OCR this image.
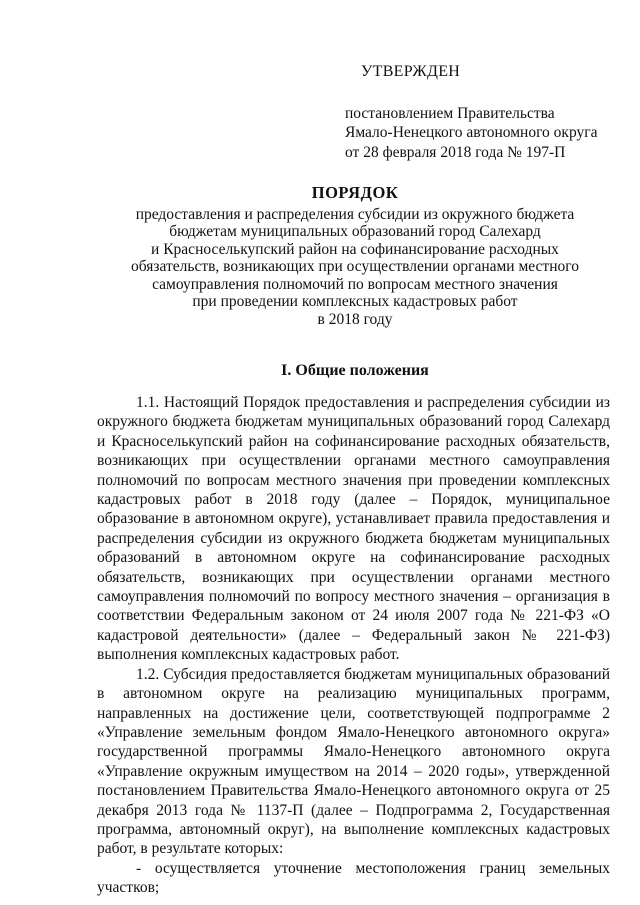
УТВЕРЖДЕН
постановлением Правительства
Ямало-Ненецкого автономного округа
от 28 февраля 2018 года № 197-П
ПОРЯДОК
предоставления и распределения субсидии из окружного бюджета
бюджетам муниципальных образований город Салехард
и Красноселькупский район на софинансирование расходных
обязательств, возникающих при осуществлении органами местного
самоуправления полномочий по вопросам местного значения
при проведении комплексных кадастровых работ
в 2018 году
I. Общие положения

1.1. Настоящий Порядок предоставления и распределения субсидии из окружного бюджета бюджетам муниципальных образований город Салехард и Красноселькупский район на софинансирование расходных обязательств, возникающих при осуществлении органами местного самоуправления полномочий по вопросам местного значения при проведении комплексных кадастровых работ в 2018 году (далее – Порядок, муниципальное образование в автономном округе), устанавливает правила предоставления и распределения субсидии из окружного бюджета бюджетам муниципальных образований в автономном округе на софинансирование расходных обязательств, возникающих при осуществлении органами местного самоуправления полномочий по вопросу местного значения – организация в соответствии Федеральным законом от 24 июля 2007 года № 221-ФЗ «О кадастровой деятельности» (далее – Федеральный закон № 221-ФЗ) выполнения комплексных кадастровых работ.

1.2. Субсидия предоставляется бюджетам муниципальных образований в автономном округе на реализацию муниципальных программ, направленных на достижение цели, соответствующей подпрограмме 2 «Управление земельным фондом Ямало-Ненецкого автономного округа» государственной программы Ямало-Ненецкого автономного округа «Управление окружным имуществом на 2014 – 2020 годы», утвержденной постановлением Правительства Ямало-Ненецкого автономного округа от 25 декабря 2013 года № 1137-П (далее – Подпрограмма 2, Государственная программа, автономный округ), на выполнение комплексных кадастровых работ, в результате которых:

- осуществляется уточнение местоположения границ земельных участков;
